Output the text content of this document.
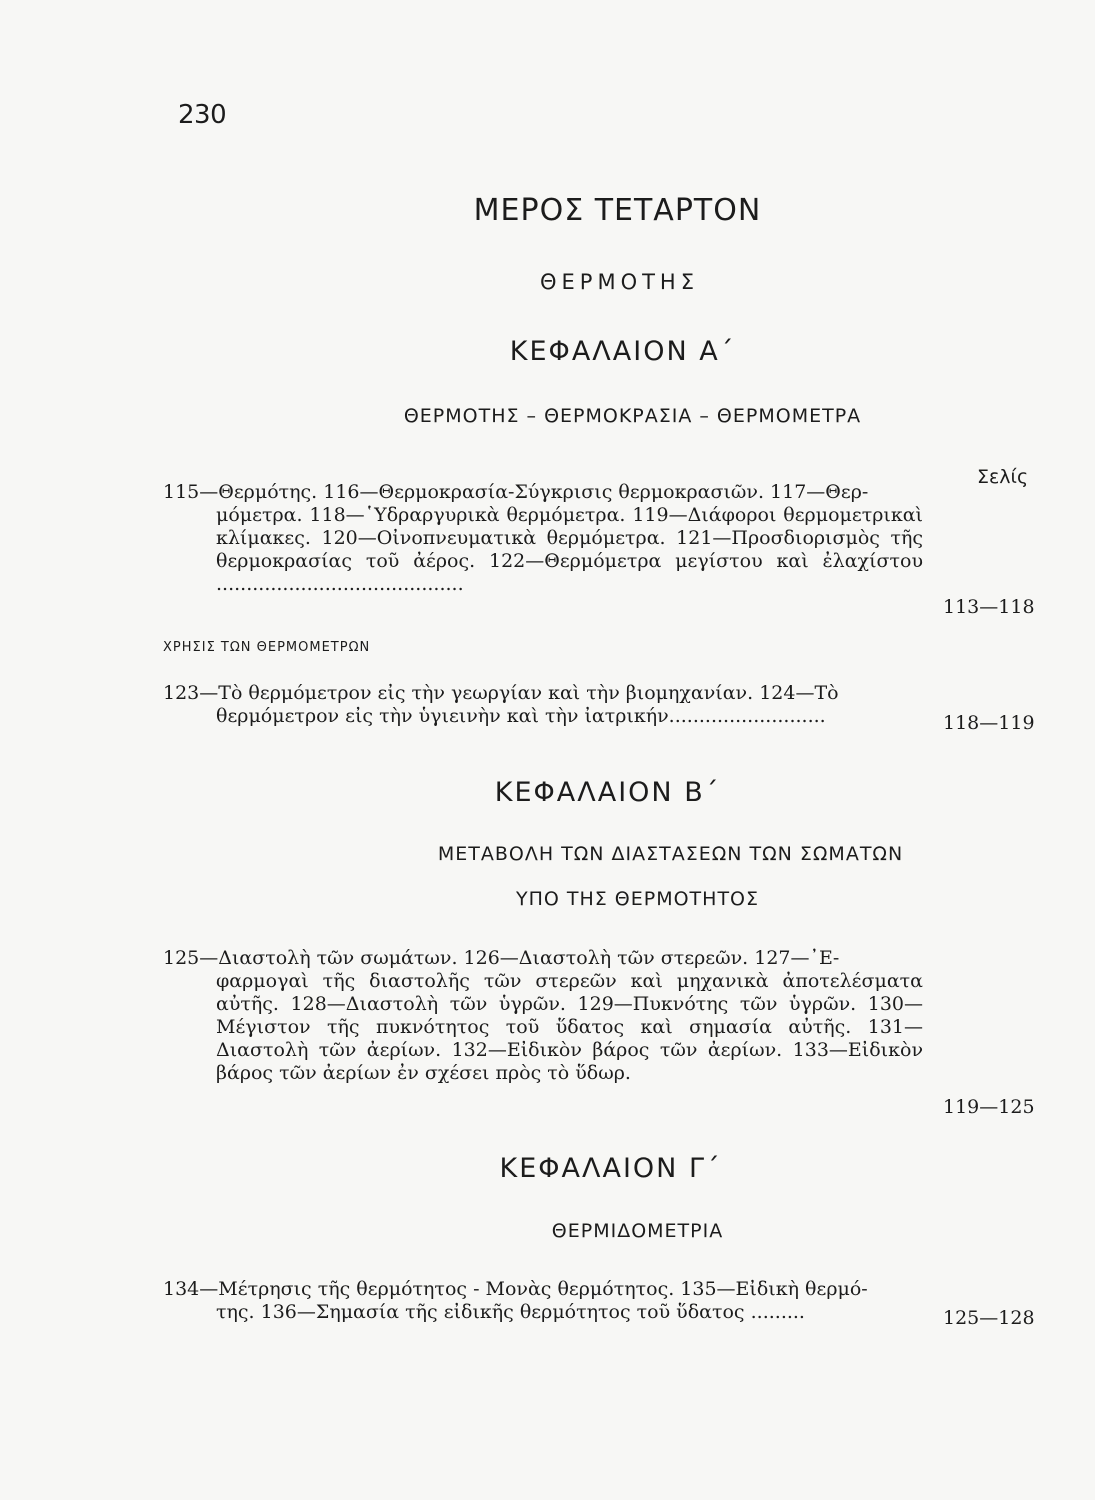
230
ΜΕΡΟΣ ΤΕΤΑΡΤΟΝ
ΘΕΡΜΟΤΗΣ
ΚΕΦΑΛΑΙΟΝ Α΄
ΘΕΡΜΟΤΗΣ – ΘΕΡΜΟΚΡΑΣΙΑ – ΘΕΡΜΟΜΕΤΡΑ
Σελίς
115—Θερμότης. 116—Θερμοκρασία-Σύγκρισις θερμοκρασιῶν. 117—Θερ-
μόμετρα. 118—῾Υδραργυρικὰ θερμόμετρα. 119—Διάφοροι θερμομετρικαὶ κλίμακες. 120—Οἰνοπνευματικὰ θερμόμετρα. 121—Προσδιορισμὸς τῆς θερμοκρασίας τοῦ ἀέρος. 122—Θερμόμετρα μεγίστου καὶ ἐλαχίστου .........................................
113—118
ΧΡΗΣΙΣ ΤΩΝ ΘΕΡΜΟΜΕΤΡΩΝ
123—Τὸ θερμόμετρον εἰς τὴν γεωργίαν καὶ τὴν βιομηχανίαν. 124—Τὸ
θερμόμετρον εἰς τὴν ὑγιεινὴν καὶ τὴν ἰατρικήν..........................	118—119
ΚΕΦΑΛΑΙΟΝ Β΄
ΜΕΤΑΒΟΛΗ ΤΩΝ ΔΙΑΣΤΑΣΕΩΝ ΤΩΝ ΣΩΜΑΤΩΝ
ΥΠΟ ΤΗΣ ΘΕΡΜΟΤΗΤΟΣ
125—Διαστολὴ τῶν σωμάτων. 126—Διαστολὴ τῶν στερεῶν. 127—᾿Ε-
φαρμογαὶ τῆς διαστολῆς τῶν στερεῶν καὶ μηχανικὰ ἀποτελέσματα αὐτῆς. 128—Διαστολὴ τῶν ὑγρῶν. 129—Πυκνότης τῶν ὑγρῶν. 130—Μέγιστον τῆς πυκνότητος τοῦ ὕδατος καὶ σημασία αὐτῆς. 131—Διαστολὴ τῶν ἀερίων. 132—Εἰδικὸν βάρος τῶν ἀερίων. 133—Εἰδικὸν βάρος τῶν ἀερίων ἐν σχέσει πρὸς τὸ ὕδωρ.
119—125
ΚΕΦΑΛΑΙΟΝ Γ΄
ΘΕΡΜΙΔΟΜΕΤΡΙΑ
134—Μέτρησις τῆς θερμότητος - Μονὰς θερμότητος. 135—Εἰδικὴ θερμό-
της. 136—Σημασία τῆς εἰδικῆς θερμότητος τοῦ ὕδατος .........	125—128
